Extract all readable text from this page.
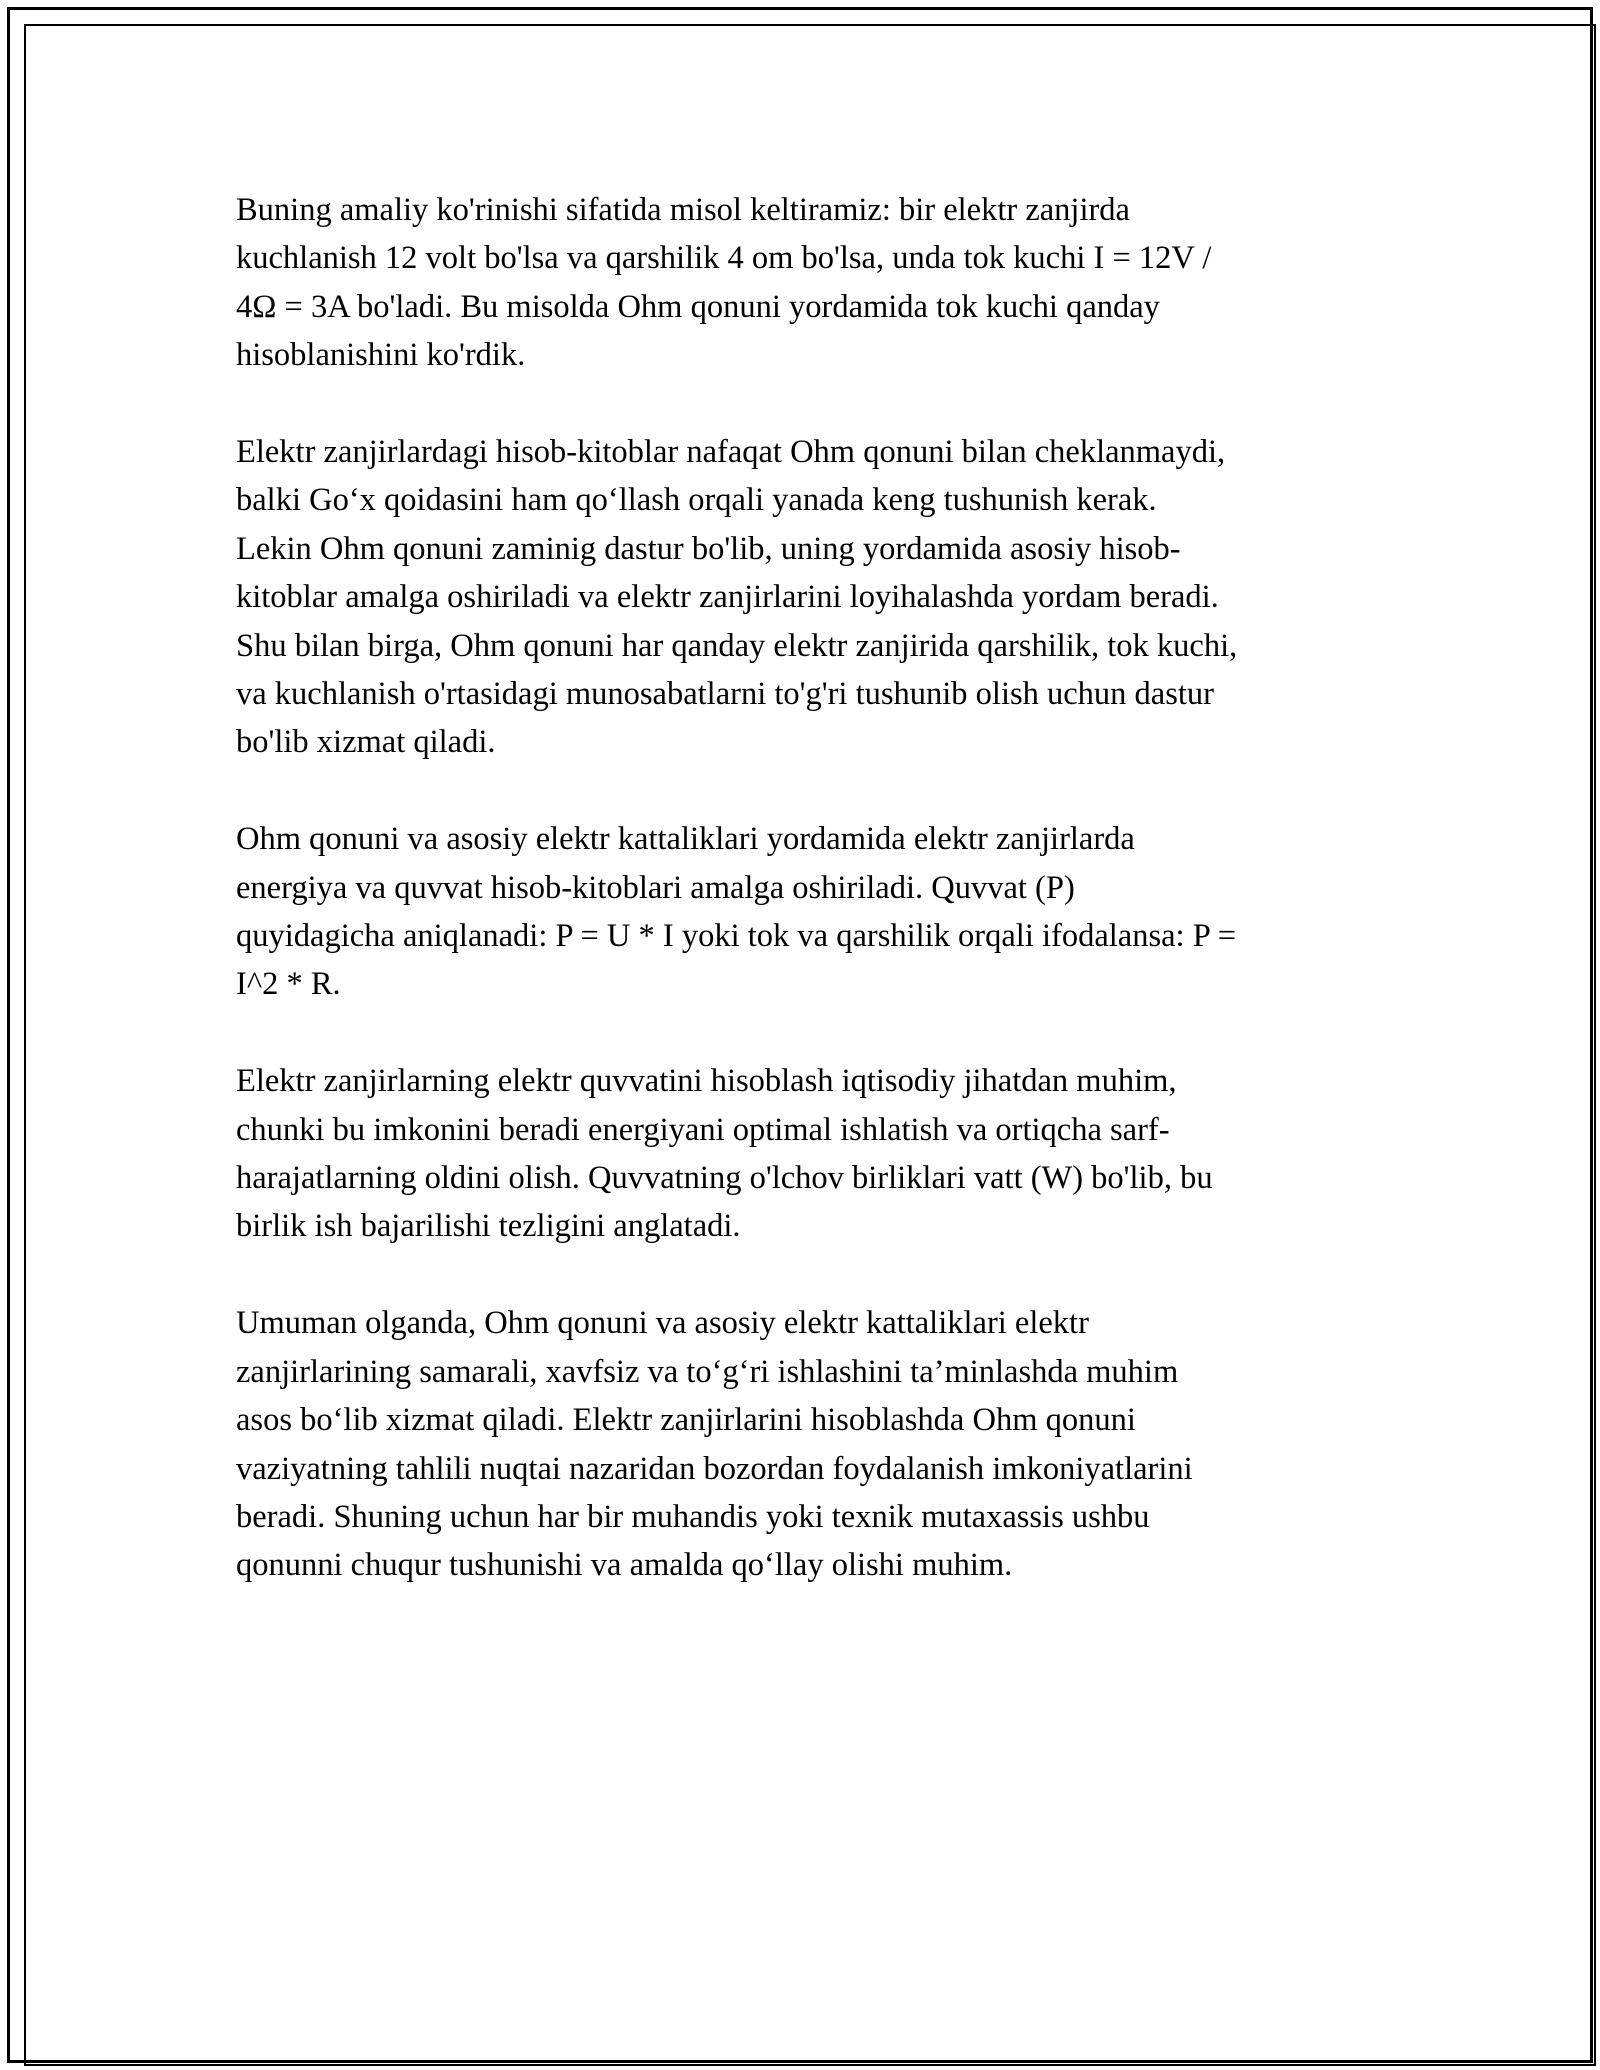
Buning amaliy ko'rinishi sifatida misol keltiramiz: bir elektr zanjirda
kuchlanish 12 volt bo'lsa va qarshilik 4 om bo'lsa, unda tok kuchi I = 12V /
4Ω = 3A bo'ladi. Bu misolda Ohm qonuni yordamida tok kuchi qanday
hisoblanishini ko'rdik.

Elektr zanjirlardagi hisob-kitoblar nafaqat Ohm qonuni bilan cheklanmaydi,
balki Go‘x qoidasini ham qo‘llash orqali yanada keng tushunish kerak.
Lekin Ohm qonuni zaminig dastur bo'lib, uning yordamida asosiy hisob-
kitoblar amalga oshiriladi va elektr zanjirlarini loyihalashda yordam beradi.
Shu bilan birga, Ohm qonuni har qanday elektr zanjirida qarshilik, tok kuchi,
va kuchlanish o'rtasidagi munosabatlarni to'g'ri tushunib olish uchun dastur
bo'lib xizmat qiladi.

Ohm qonuni va asosiy elektr kattaliklari yordamida elektr zanjirlarda
energiya va quvvat hisob-kitoblari amalga oshiriladi. Quvvat (P)
quyidagicha aniqlanadi: P = U * I yoki tok va qarshilik orqali ifodalansa: P =
I^2 * R.

Elektr zanjirlarning elektr quvvatini hisoblash iqtisodiy jihatdan muhim,
chunki bu imkonini beradi energiyani optimal ishlatish va ortiqcha sarf-
harajatlarning oldini olish. Quvvatning o'lchov birliklari vatt (W) bo'lib, bu
birlik ish bajarilishi tezligini anglatadi.

Umuman olganda, Ohm qonuni va asosiy elektr kattaliklari elektr
zanjirlarining samarali, xavfsiz va to‘g‘ri ishlashini ta’minlashda muhim
asos bo‘lib xizmat qiladi. Elektr zanjirlarini hisoblashda Ohm qonuni
vaziyatning tahlili nuqtai nazaridan bozordan foydalanish imkoniyatlarini
beradi. Shuning uchun har bir muhandis yoki texnik mutaxassis ushbu
qonunni chuqur tushunishi va amalda qo‘llay olishi muhim.
